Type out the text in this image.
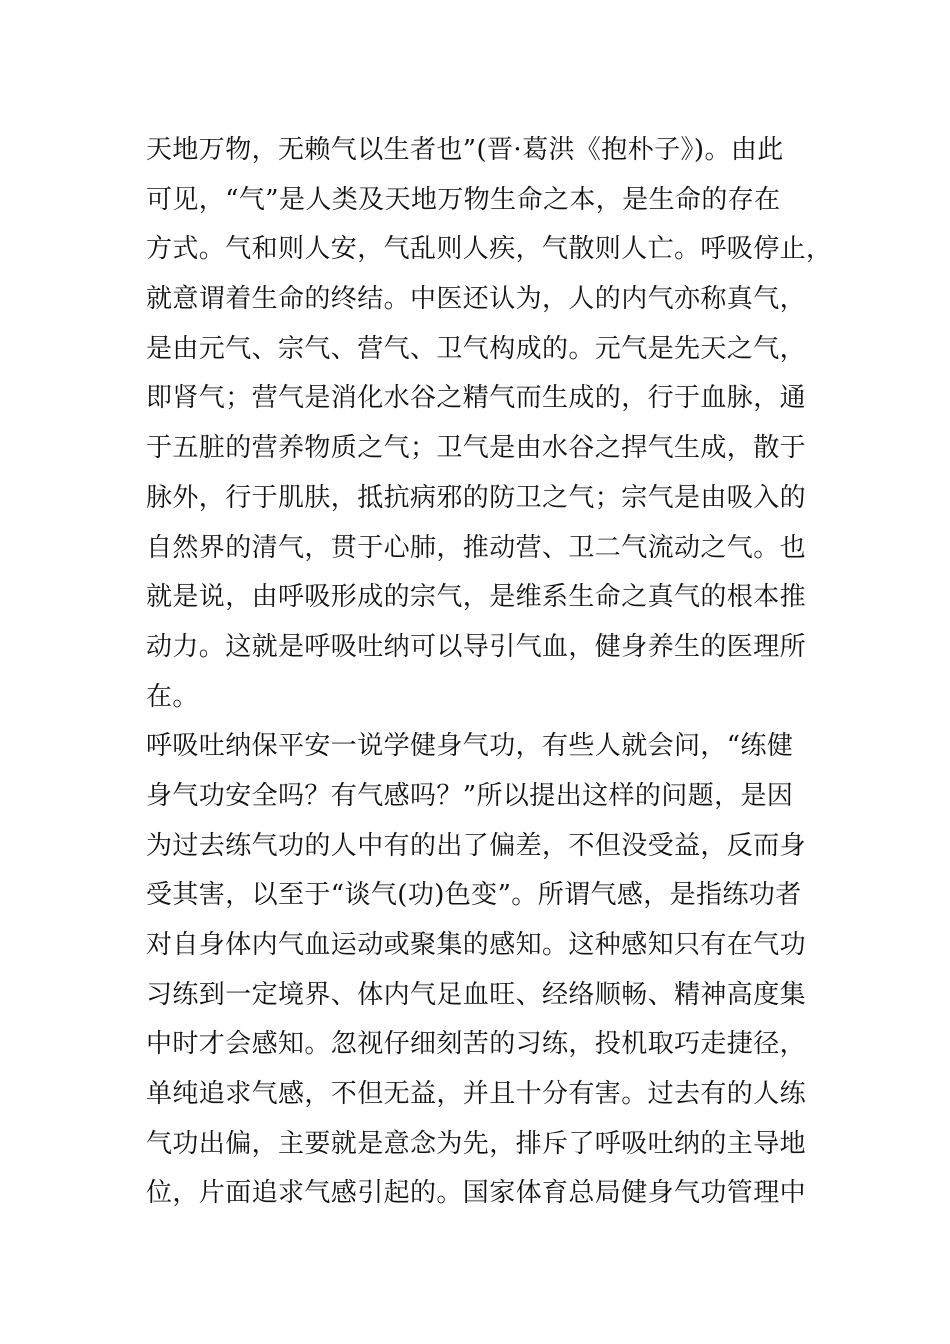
天地万物，无赖气以生者也”(晋·葛洪《抱朴子》)。由此
可见，“气”是人类及天地万物生命之本，是生命的存在
方式。气和则人安，气乱则人疾，气散则人亡。呼吸停止，
就意谓着生命的终结。中医还认为，人的内气亦称真气，
是由元气、宗气、营气、卫气构成的。元气是先天之气，
即肾气；营气是消化水谷之精气而生成的，行于血脉，通
于五脏的营养物质之气；卫气是由水谷之捍气生成，散于
脉外，行于肌肤，抵抗病邪的防卫之气；宗气是由吸入的
自然界的清气，贯于心肺，推动营、卫二气流动之气。也
就是说，由呼吸形成的宗气，是维系生命之真气的根本推
动力。这就是呼吸吐纳可以导引气血，健身养生的医理所
在。
呼吸吐纳保平安一说学健身气功，有些人就会问，“练健
身气功安全吗？有气感吗？”所以提出这样的问题，是因
为过去练气功的人中有的出了偏差，不但没受益，反而身
受其害，以至于“谈气(功)色变”。所谓气感，是指练功者
对自身体内气血运动或聚集的感知。这种感知只有在气功
习练到一定境界、体内气足血旺、经络顺畅、精神高度集
中时才会感知。忽视仔细刻苦的习练，投机取巧走捷径，
单纯追求气感，不但无益，并且十分有害。过去有的人练
气功出偏，主要就是意念为先，排斥了呼吸吐纳的主导地
位，片面追求气感引起的。国家体育总局健身气功管理中
